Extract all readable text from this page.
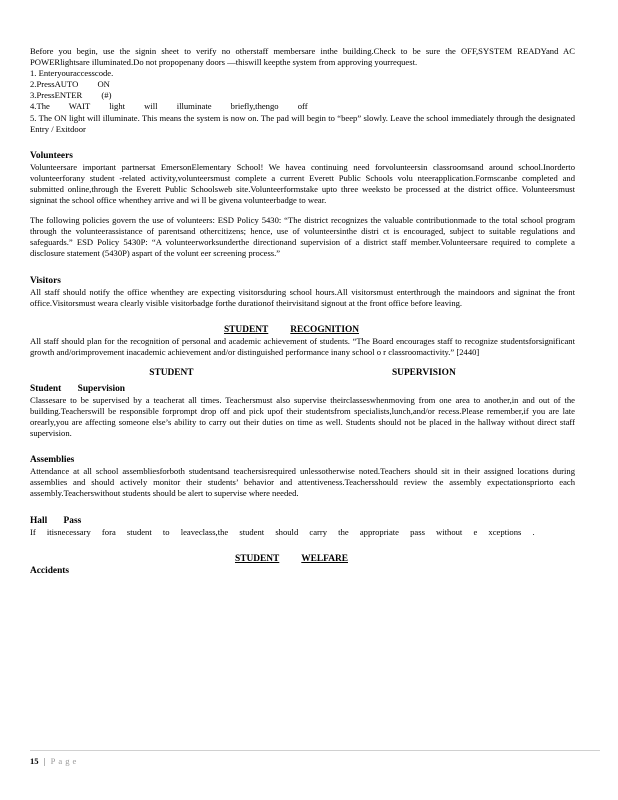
Before you begin, use the signin sheet to verify no otherstaff membersare inthe building.Check to be sure the OFF,SYSTEM READYand AC POWERlightsare illuminated.Do not propopenany doors —thiswill keepthe system from approving yourrequest.

1. Enteryouraccesscode.

2.PressAUTO ON

3.PressENTER (#)

4.The WAIT light will illuminate briefly,thengo off

5. The ON light will illuminate. This means the system is now on. The pad will begin to “beep” slowly. Leave the school immediately through the designated Entry / Exitdoor

Volunteers

Volunteersare important partnersat EmersonElementary School! We havea continuing need forvolunteersin classroomsand around school.Inorderto volunteerforany student -related activity,volunteersmust complete a current Everett Public Schools volu nteerapplication.Formscanbe completed and submitted online,through the Everett Public Schoolsweb site.Volunteerformstake upto three weeksto be processed at the district office. Volunteersmust signinat the school office whenthey arrive and wi ll be givena volunteerbadge to wear.

The following policies govern the use of volunteers: ESD Policy 5430: “The district recognizes the valuable contributionmade to the total school program through the volunteerassistance of parentsand othercitizens; hence, use of volunteersinthe distri ct is encouraged, subject to suitable regulations and safeguards.” ESD Policy 5430P: “A volunteerworksunderthe directionand supervision of a district staff member.Volunteersare required to complete a disclosure statement (5430P) aspart of the volunt eer screening process.”

Visitors

All staff should notify the office whenthey are expecting visitorsduring school hours.All visitorsmust enterthrough the maindoors and signinat the front office.Visitorsmust weara clearly visible visitorbadge forthe durationof theirvisitand signout at the front office before leaving.

STUDENT RECOGNITION

All staff should plan for the recognition of personal and academic achievement of students. “The Board encourages staff to recognize studentsforsignificant growth and/orimprovement inacademic achievement and/or distinguished performance inany school o r classroomactivity.” [2440]

STUDENT	SUPERVISION
Student Supervision

Classesare to be supervised by a teacherat all times. Teachersmust also supervise theirclasseswhenmoving from one area to another,in and out of the building.Teacherswill be responsible forprompt drop off and pick upof their studentsfrom specialists,lunch,and/or recess.Please remember,if you are late orearly,you are affecting someone else’s ability to carry out their duties on time as well. Students should not be placed in the hallway without direct staff supervision.

Assemblies

Attendance at all school assembliesforboth studentsand teachersisrequired unlessotherwise noted.Teachers should sit in their assigned locations during assemblies and should actively monitor their students’ behavior and attentiveness.Teachersshould review the assembly expectationspriorto each assembly.Teacherswithout students should be alert to supervise where needed.

Hall Pass

If itisnecessary fora student to leaveclass,the student should carry the appropriate pass without e xceptions .

STUDENT WELFARE
Accidents
15 | Page
